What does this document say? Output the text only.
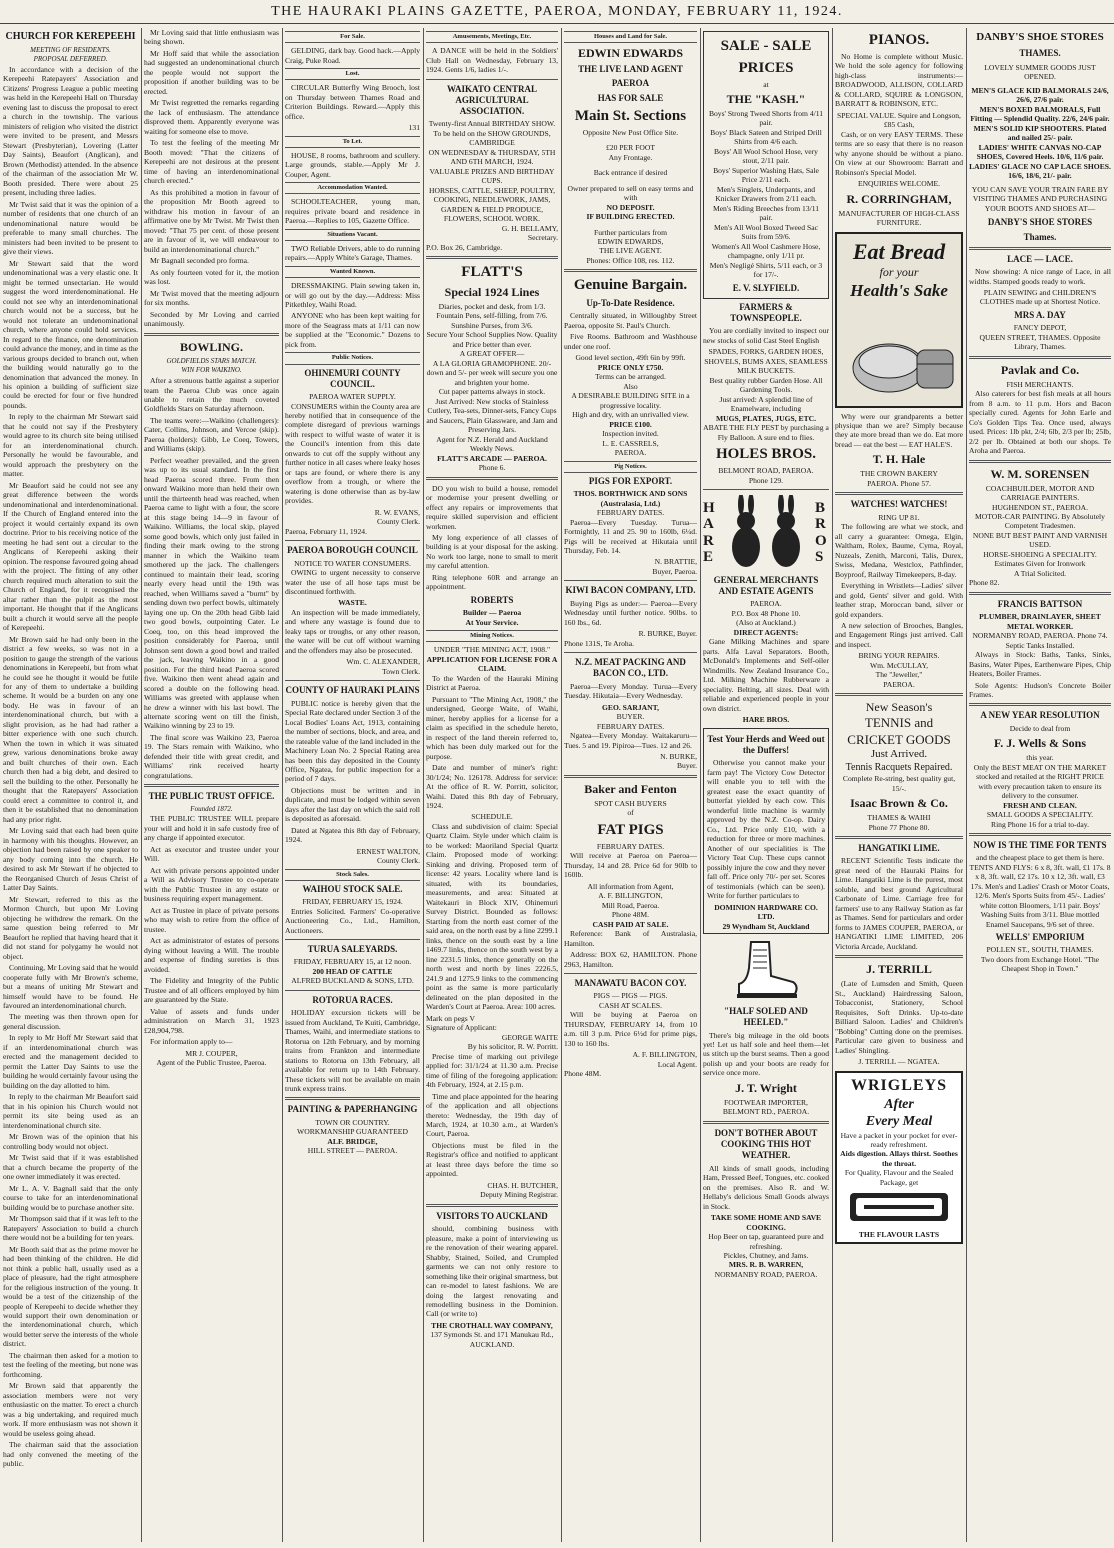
THE HAURAKI PLAINS GAZETTE, PAEROA, MONDAY, FEBRUARY 11, 1924.
CHURCH FOR KEREPEEHI
MEETING OF RESIDENTS.
PROPOSAL DEFERRED.

In accordance with a decision of the Kerepeehi Ratepayers' Association and Citizens' Progress League a public meeting was held in the Kerepeehi Hall on Thursday evening last to discuss the proposal to erect a church in the township. The various ministers of religion who visited the district were invited to be present, and Messrs Stewart (Presbyterian), Lovering (Latter Day Saints), Beaufort (Anglican), and Brown (Methodist) attended. In the absence of the chairman of the association Mr W. Booth presided. There were about 25 present, including three ladies.

Mr Twist said that it was the opinion of a number of residents that one church of an undenominational nature would be preferable to many small churches. The ministers had been invited to be present to give their views.

Mr Stewart said that the word undenominational was a very elastic one. It might be termed unsectarian. He would suggest the word interdenominational. He could not see why an interdenominational church would not be a success, but he would not tolerate an undenominational church, where anyone could hold services. In regard to the finance, one denomination could advance the money, and in time as the various groups decided to branch out, when the building would naturally go to the denomination that advanced the money. In his opinion a building of sufficient size could be erected for four or five hundred pounds.

In reply to the chairman Mr Stewart said that he could not say if the Presbytery would agree to its church site being utilised for an interdenominational church. Personally he would be favourable, and would approach the presbytery on the matter.

Mr Beaufort said he could not see any great difference between the words undenominational and interdenominational. If the Church of England entered into the project it would certainly expand its own doctrine. Prior to his receiving notice of the meeting he had sent out a circular to the Anglicans of Kerepeehi asking their opinion. The response favoured going ahead with the project. The fitting of any other church required much alteration to suit the Church of England, for it recognised the altar rather than the pulpit as the most important. He thought that if the Anglicans built a church it would serve all the people of Kerepeehi.

Mr Brown said he had only been in the district a few weeks, so was not in a position to gauge the strength of the various denominations in Kerepeehi, but from what he could see he thought it would be futile for any of them to undertake a building scheme. It would be a burden on any one body. He was in favour of an interdenominational church, but with a slight provision, as he had had rather a bitter experience with one such church. When the town in which it was situated grew, various denominations broke away and built churches of their own. Each church then had a big debt, and desired to sell the building to the other. Personally he thought that the Ratepayers' Association could erect a committee to control it, and then it be established that no denomination had any prior right.

Mr Loving said that each had been quite in harmony with his thoughts. However, an objection had been raised by one speaker to any body coming into the church. He desired to ask Mr Stewart if he objected to the Reorganised Church of Jesus Christ of Latter Day Saints.

Mr Stewart, referred to this as the Mormon Church, but upon Mr Loving objecting he withdrew the remark. On the same question being referred to Mr Beaufort he replied that having heard that it did not stand for polygamy he would not object.

Continuing, Mr Loving said that he would cooperate fully with Mr Brown's scheme, but a means of uniting Mr Stewart and himself would have to be found. He favoured an interdenominational church.

The meeting was then thrown open for general discussion.

In reply to Mr Hoff Mr Stewart said that if an interdenominational church was erected and the management decided to permit the Latter Day Saints to use the building he would certainly favour using the building on the day allotted to him.

In reply to the chairman Mr Beaufort said that in his opinion his Church would not permit its site being used as an interdenominational church site.

Mr Brown was of the opinion that his controlling body would not object.

Mr Twist said that if it was established that a church became the property of the one owner immediately it was erected.

Mr L. A. V. Bagnall said that the only course to take for an interdenominational building would be to purchase another site.

Mr Thompson said that if it was left to the Ratepayers' Association to build a church there would not be a building for ten years.

Mr Booth said that as the prime mover he had been thinking of the children. He did not think a public hall, usually used as a place of pleasure, had the right atmosphere for the religious instruction of the young. It would be a test of the citizenship of the people of Kerepeehi to decide whether they would support their own denomination or the interdenominational church, which would better serve the interests of the whole district.

The chairman then asked for a motion to test the feeling of the meeting, but none was forthcoming.

Mr Brown said that apparently the association members were not very enthusiastic on the matter. To erect a church was a big undertaking, and required much work. If more enthusiasm was not shown it would be useless going ahead.

The chairman said that the association had only convened the meeting of the public.

Mr Loving said that little enthusiasm was being shown.

Mr Hoff said that while the association had suggested an undenominational church the people would not support the proposition if another building was to be erected.

Mr Twist regretted the remarks regarding the lack of enthusiasm. The attendance disproved them. Apparently everyone was waiting for someone else to move.

To test the feeling of the meeting Mr Booth moved: "That the citizens of Kerepeehi are not desirous at the present time of having an interdenominational church erected."

As this prohibited a motion in favour of the proposition Mr Booth agreed to withdraw his motion in favour of an affirmative one by Mr Twist. Mr Twist then moved: "That 75 per cent. of those present are in favour of it, we will endeavour to build an interdenominational church."

Mr Bagnall seconded pro forma.

As only fourteen voted for it, the motion was lost.

Mr Twist moved that the meeting adjourn for six months.

Seconded by Mr Loving and carried unanimously.

BOWLING.
GOLDFIELDS STARS MATCH.
WIN FOR WAIKINO.

After a strenuous battle against a superior team the Paeroa Club was once again unable to retain the much coveted Goldfields Stars on Saturday afternoon.

The teams were:—Waikino (challengers): Cater, Collins, Johnson, and Vercoe (skip). Paeroa (holders): Gibb, Le Coeq, Towers, and Williams (skip).

Perfect weather prevailed, and the green was up to its usual standard. In the first head Paeroa scored three. From then onward Waikino more than held their own until the thirteenth head was reached, when Paeroa came to light with a four, the score at this stage being 14—9 in favour of Waikino. Williams, the local skip, played some good bowls, which only just failed in finding their mark owing to the strong manner in which the Waikino team smothered up the jack. The challengers continued to maintain their lead, scoring nearly every head until the 19th was reached, when Williams saved a "burnt" by sending down two perfect bowls, ultimately laying one up. On the 20th head Gibb laid two good bowls, outpointing Cater. Le Coeq, too, on this head improved the position considerably for Paeroa, until Johnson sent down a good bowl and trailed the jack, leaving Waikino in a good position. For the third head Paeroa scored five. Waikino then went ahead again and scored a double on the following head. Williams was greeted with applause when he drew a winner with his last bowl. The alternate scoring went on till the finish, Waikino winning by 23 to 19.

The final score was Waikino 23, Paeroa 19. The Stars remain with Waikino, who defended their title with great credit, and Williams' rink received hearty congratulations.

THE PUBLIC TRUST OFFICE.
Founded 1872.

THE PUBLIC TRUSTEE WILL prepare your will and hold it in safe custody free of any charge if appointed executor.

Act as executor and trustee under your Will.

Act with private persons appointed under a Will as Advisory Trustee to co-operate with the Public Trustee in any estate or business requiring expert management.

Act as Trustee in place of private persons who may wish to retire from the office of trustee.

Act as administrator of estates of persons dying without leaving a Will. The trouble and expense of finding sureties is thus avoided.

The Fidelity and Integrity of the Public Trustee and of all officers employed by him are guaranteed by the State.

Value of assets and funds under administration on March 31, 1923 £28,904,798.

For information apply to—

MR J. COUPER,
Agent of the Public Trustee, Paeroa.
For Sale.

GELDING, dark bay. Good hack.—Apply Craig, Puke Road.

Lost.

CIRCULAR Butterfly Wing Brooch, lost on Thursday between Thames Road and Criterion Buildings. Reward.—Apply this office.

131
To Let.

HOUSE, 8 rooms, bathroom and scullery. Large grounds, stable.—Apply Mr J. Couper, Agent.

Accommodation Wanted.

SCHOOLTEACHER, young man, requires private board and residence in Paeroa.—Replies to 105, Gazette Office.

Situations Vacant.

TWO Reliable Drivers, able to do running repairs.—Apply White's Garage, Thames.

Wanted Known.

DRESSMAKING. Plain sewing taken in, or will go out by the day.—Address: Miss Pitkethley, Waihi Road.

ANYONE who has been kept waiting for more of the Seagrass mats at 1/11 can now be supplied at the "Economic." Dozens to pick from.

Public Notices.
OHINEMURI COUNTY COUNCIL.
PAEROA WATER SUPPLY.

CONSUMERS within the County area are hereby notified that in consequence of the complete disregard of previous warnings with respect to wilful waste of water it is the Council's intention from this date onwards to cut off the supply without any further notice in all cases where leaky hoses or taps are found, or where there is any overflow from a trough, or where the watering is done otherwise than as by-law provides.

R. W. EVANS,
County Clerk.
Paeroa, February 11, 1924.
PAEROA BOROUGH COUNCIL
NOTICE TO WATER CONSUMERS.

OWING to urgent necessity to conserve water the use of all hose taps must be discontinued forthwith.

WASTE.

An inspection will be made immediately, and where any wastage is found due to leaky taps or troughs, or any other reason, the water will be cut off without warning and the offenders may also be prosecuted.

Wm. C. ALEXANDER,
Town Clerk.
COUNTY OF HAURAKI PLAINS

PUBLIC notice is hereby given that the Special Rate declared under Section 3 of the Local Bodies' Loans Act, 1913, containing the number of sections, block, and area, and the rateable value of the land included in the Machinery Loan No. 2 Special Rating area has been this day deposited in the County Office, Ngatea, for public inspection for a period of 7 days.

Objections must be written and in duplicate, and must be lodged within seven days after the last day on which the said roll is deposited as aforesaid.

Dated at Ngatea this 8th day of February, 1924.

ERNEST WALTON,
County Clerk.
Stock Sales.
WAIHOU STOCK SALE.
FRIDAY, FEBRUARY 15, 1924.

Entries Solicited. Farmers' Co-operative Auctioneering Co., Ltd., Hamilton, Auctioneers.

TURUA SALEYARDS.
FRIDAY, FEBRUARY 15, at 12 noon.
200 HEAD OF CATTLE
ALFRED BUCKLAND & SONS, LTD.
ROTORUA RACES.

HOLIDAY excursion tickets will be issued from Auckland, Te Kuiti, Cambridge, Thames, Waihi, and intermediate stations to Rotorua on 12th February, and by morning trains from Frankton and intermediate stations to Rotorua on 13th February, all available for return up to 14th February. These tickets will not be available on main trunk express trains.

PAINTING & PAPERHANGING
TOWN OR COUNTRY.
WORKMANSHIP GUARANTEED
ALF. BRIDGE,
HILL STREET — PAEROA.
Amusements, Meetings, Etc.

A DANCE will be held in the Soldiers' Club Hall on Wednesday, February 13, 1924. Gents 1/6, ladies 1/-.

WAIKATO CENTRAL AGRICULTURAL ASSOCIATION.
Twenty-first Annual BIRTHDAY SHOW.
To be held on the SHOW GROUNDS, CAMBRIDGE
ON WEDNESDAY & THURSDAY, 5TH AND 6TH MARCH, 1924.
VALUABLE PRIZES AND BIRTHDAY CUPS.
HORSES, CATTLE, SHEEP, POULTRY, COOKING, NEEDLEWORK, JAMS, GARDEN & FIELD PRODUCE, FLOWERS, SCHOOL WORK.
G. H. BELLAMY,
Secretary.
P.O. Box 26, Cambridge.
FLATT'S
Special 1924 Lines
Diaries, pocket and desk, from 1/3.
Fountain Pens, self-filling, from 7/6.
Sunshine Purses, from 3/6.
Secure Your School Supplies Now. Quality and Price better than ever.
A GREAT OFFER—
A LA GLORIA GRAMOPHONE. 20/- down and 5/- per week will secure you one and brighten your home.
Cut paper patterns always in stock.
Just Arrived: New stocks of Stainless Cutlery, Tea-sets, Dinner-sets, Fancy Cups and Saucers, Plain Glassware, and Jam and Preserving Jars.
Agent for N.Z. Herald and Auckland Weekly News.
FLATT'S ARCADE — PAEROA.
Phone 6.

DO you wish to build a house, remodel or modernise your present dwelling or effect any repairs or improvements that require skilled supervision and efficient workmen.

My long experience of all classes of building is at your disposal for the asking. No work too large, none to small to merit my careful attention.

Ring telephone 60R and arrange an appointment.

ROBERTS
Builder — Paeroa
At Your Service.
Mining Notices.
UNDER "THE MINING ACT, 1908."
APPLICATION FOR LICENSE FOR A CLAIM.

To the Warden of the Hauraki Mining District at Paeroa.

Pursuant to "The Mining Act, 1908," the undersigned, George Waite, of Waihi, miner, hereby applies for a license for a claim as specified in the schedule hereto, in respect of the land therein referred to, which has been duly marked out for the purpose.

Date and number of miner's right: 30/1/24; No. 126178. Address for service: At the office of R. W. Porritt, solicitor, Waihi. Dated this 8th day of February, 1924.

SCHEDULE.

Class and subdivision of claim: Special Quartz Claim. Style under which claim is to be worked: Maoriland Special Quartz Claim. Proposed mode of working: Sinking and driving. Proposed term of license: 42 years. Locality where land is situated, with its boundaries, measurements, and area: Situated at Waitekauri in Block XIV, Ohinemuri Survey District. Bounded as follows: Starting from the north east corner of the said area, on the north east by a line 2299.1 links, thence on the south east by a line 1469.7 links, thence on the south west by a line 2231.5 links, thence generally on the north west and north by lines 2226.5, 241.9 and 1275.9 links to the commencing point as the same is more particularly delineated on the plan deposited in the Warden's Court at Paeroa. Area: 100 acres.

Mark on pegs V
Signature of Applicant:
GEORGE WAITE
By his solicitor, R. W. Porritt.

Precise time of marking out privilege applied for: 31/1/24 at 11.30 a.m. Precise time of filing of the foregoing application: 4th February, 1924, at 2.15 p.m.

Time and place appointed for the hearing of the application and all objections thereto: Wednesday, the 19th day of March, 1924, at 10.30 a.m., at Warden's Court, Paeroa.

Objections must be filed in the Registrar's office and notified to applicant at least three days before the time so appointed.

CHAS. H. BUTCHER,
Deputy Mining Registrar.
VISITORS TO AUCKLAND

should, combining business with pleasure, make a point of interviewing us re the renovation of their wearing apparel. Shabby, Stained, Soiled, and Crumpled garments we can not only restore to something like their original smartness, but can re-model to latest fashions. We are doing the largest renovating and remodelling business in the Dominion. Call (or write to)

THE CROTHALL WAY COMPANY,
137 Symonds St. and 171 Manukau Rd., AUCKLAND.
Houses and Land for Sale.
EDWIN EDWARDS
THE LIVE LAND AGENT
PAEROA
HAS FOR SALE
Main St. Sections
Opposite New Post Office Site.
£20 PER FOOT
Any Frontage.
Back entrance if desired
Owner prepared to sell on easy terms and with
NO DEPOSIT.
IF BUILDING ERECTED.
Further particulars from
EDWIN EDWARDS,
THE LIVE AGENT.
Phones: Office 108, res. 112.
Genuine Bargain.
Up-To-Date Residence.

Centrally situated, in Willoughby Street Paeroa, opposite St. Paul's Church.

Five Rooms. Bathroom and Washhouse under one roof.

Good level section, 49ft 6in by 99ft.
PRICE ONLY £750.
Terms can be arranged.
Also
A DESIRABLE BUILDING SITE in a progressive locality.
High and dry, with an unrivalled view.
PRICE £100.
Inspection invited.
L. E. CASSRELS,
PAEROA.
Pig Notices.
PIGS FOR EXPORT.
THOS. BORTHWICK AND SONS (Australasia, Ltd.)
FEBRUARY DATES.

Paeroa—Every Tuesday. Turua—Fortnightly, 11 and 25. 90 to 160lb, 6¼d. Pigs will be received at Hikutaia until Thursday, Feb. 14.

N. BRATTIE,
Buyer, Paeroa.
KIWI BACON COMPANY, LTD.

Buying Pigs as under:— Paeroa—Every Wednesday until further notice. 90lbs. to 160 lbs., 6d.

R. BURKE, Buyer.
Phone 131S, Te Aroha.
N.Z. MEAT PACKING AND BACON CO., LTD.

Paeroa—Every Monday. Turua—Every Tuesday. Hikutaia—Every Wednesday.

GEO. SARJANT,
BUYER.
FEBRUARY DATES.

Ngatea—Every Monday. Waitakaruru—Tues. 5 and 19. Pipiroa—Tues. 12 and 26.

N. BURKE,
Buyer.
Baker and Fenton
SPOT CASH BUYERS
of
FAT PIGS
FEBRUARY DATES.

Will receive at Paeroa on Paeroa—Thursday, 14 and 28. Price 6d for 90lb to 160lb.

All information from Agent,
A. F. BILLINGTON,
Mill Road, Paeroa.
Phone 48M.
CASH PAID AT SALE.

Reference: Bank of Australasia, Hamilton.

Address: BOX 62, HAMILTON. Phone 2963, Hamilton.

MANAWATU BACON COY.
PIGS — PIGS — PIGS.
CASH AT SCALES.

Will be buying at Paeroa on THURSDAY, FEBRUARY 14, from 10 a.m. till 3 p.m. Price 6½d for prime pigs, 130 to 160 lbs.

A. F. BILLINGTON,
Local Agent.
Phone 48M.
SALE - SALE
PRICES
at
THE "KASH."
Boys' Strong Tweed Shorts from 4/11 pair.
Boys' Black Sateen and Striped Drill Shirts from 4/6 each.
Boys' All Wool School Hose, very stout, 2/11 pair.
Boys' Superior Washing Hats, Sale Price 2/11 each.
Men's Singlets, Underpants, and Knicker Drawers from 2/11 each.
Men's Riding Breeches from 13/11 pair.
Men's All Wool Boxed Tweed Sac Suits from 59/6.
Women's All Wool Cashmere Hose, champagne, only 1/11 pr.
Men's Negligé Shirts, 5/11 each, or 3 for 17/-.
E. V. SLYFIELD.
FARMERS & TOWNSPEOPLE.

You are cordially invited to inspect our new stocks of solid Cast Steel English

SPADES, FORKS, GARDEN HOES, SHOVELS, BUMS AXES, SEAMLESS MILK BUCKETS.
Best quality rubber Garden Hose. All Gardening Tools.
Just arrived: A splendid line of Enamelware, including
MUGS, PLATES, JUGS, ETC.
ABATE THE FLY PEST by purchasing a Fly Balloon. A sure end to flies.
HOLES BROS.
BELMONT ROAD, PAEROA.
Phone 129.
HARE
BROS
GENERAL MERCHANTS AND ESTATE AGENTS
PAEROA.
P.O. Box 48 Phone 10.
(Also at Auckland.)
DIRECT AGENTS:

Gane Milking Machines and spare parts. Alfa Laval Separators. Booth, McDonald's Implements and Self-oiler Windmills. New Zealand Insurance Co., Ltd. Milking Machine Rubberware a speciality. Belting, all sizes. Deal with reliable and experienced people in your own district.

HARE BROS.
Test Your Herds and Weed out the Duffers!

Otherwise you cannot make your farm pay! The Victory Cow Detector will enable you to tell with the greatest ease the exact quantity of butterfat yielded by each cow. This wonderful little machine is warmly approved by the N.Z. Co-op. Dairy Co., Ltd. Price only £10, with a reduction for three or more machines. Another of our specialities is The Victory Teat Cup. These cups cannot possibly injure the cow and they never fall off. Price only 70/- per set. Scores of testimonials (which can be seen). Write for further particulars to

DOMINION HARDWARE CO. LTD.
29 Wyndham St, Auckland
"HALF SOLED AND HEELED."

There's big mileage in the old boots yet! Let us half sole and heel them—let us stitch up the burst seams. Then a good polish up and your boots are ready for service once more.

J. T. Wright
FOOTWEAR IMPORTER,
BELMONT RD., PAEROA.
DON'T BOTHER ABOUT COOKING THIS HOT WEATHER.

All kinds of small goods, including Ham, Pressed Beef, Tongues, etc. cooked on the premises. Also R. and W. Hellaby's delicious Small Goods always in Stock.

TAKE SOME HOME AND SAVE COOKING.
Hop Beer on tap, guaranteed pure and refreshing.
Pickles, Chutney, and Jams.
MRS. R. B. WARREN,
NORMANBY ROAD, PAEROA.
PIANOS.

No Home is complete without Music. We hold the sole agency for following high-class instruments:— BROADWOOD, ALLISON, COLLARD & COLLARD, SQUIRE & LONGSON, BARRATT & ROBINSON, ETC.

SPECIAL VALUE. Squire and Longson, £85 Cash,

Cash, or on very EASY TERMS. These terms are so easy that there is no reason why anyone should be without a piano. On view at our Showroom: Barratt and Robinson's Special Model.

ENQUIRIES WELCOME.
R. CORRINGHAM,
MANUFACTURER OF HIGH-CLASS FURNITURE.
Eat Bread
for your
Health's Sake

Why were our grandparents a better physique than we are? Simply because they ate more bread than we do. Eat more bread — eat the best — EAT HALE'S.

T. H. Hale
THE CROWN BAKERY
PAEROA. Phone 57.
WATCHES! WATCHES!
RING UP 81.

The following are what we stock, and all carry a guarantee: Omega, Elgin, Waltham, Rolex, Baume, Cyma, Royal, Nuzeals, Zenith, Marconi, Talis, Durex, Swiss, Medana, Westclox, Pathfinder, Boyproof, Railway Timekeepers, 8-day.

Everything in Wristlets—Ladies' silver and gold, Gents' silver and gold. With leather strap, Moroccan band, silver or gold expanders.

A new selection of Brooches, Bangles, and Engagement Rings just arrived. Call and inspect.

BRING YOUR REPAIRS.
Wm. McCULLAY,
The "Jeweller,"
PAEROA.
New Season's
TENNIS and
CRICKET GOODS
Just Arrived.
Tennis Racquets Repaired.
Complete Re-string, best quality gut, 15/-.
Isaac Brown & Co.
THAMES & WAIHI
Phone 77 Phone 80.
HANGATIKI LIME.

RECENT Scientific Tests indicate the great need of the Hauraki Plains for Lime. Hangatiki Lime is the purest, most soluble, and best ground Agricultural Carbonate of Lime. Carriage free for farmers' use to any Railway Station as far as Thames. Send for particulars and order forms to JAMES COUPER, PAEROA, or HANGATIKI LIME LIMITED, 206 Victoria Arcade, Auckland.

J. TERRILL

(Late of Lumsden and Smith, Queen St., Auckland) Hairdressing Saloon, Tobacconist, Stationery, School Requisites, Soft Drinks. Up-to-date Billiard Saloon. Ladies' and Children's "Bobbing" Cutting done on the premises. Particular care given to business and Ladies' Shingling.

J. TERRILL — NGATEA.
WRIGLEYS
After
Every Meal
Have a packet in your pocket for ever-ready refreshment.
Aids digestion. Allays thirst. Soothes the throat.
For Quality, Flavour and the Sealed Package, get
THE FLAVOUR LASTS
DANBY'S SHOE STORES
THAMES.
LOVELY SUMMER GOODS JUST OPENED.
MEN'S GLACE KID BALMORALS 24/6, 26/6, 27/6 pair.
MEN'S BOXED BALMORALS, Full Fitting — Splendid Quality. 22/6, 24/6 pair.
MEN'S SOLID KIP SHOOTERS. Plated and nailed 25/- pair.
LADIES' WHITE CANVAS NO-CAP SHOES, Covered Heels. 10/6, 11/6 pair.
LADIES' GLACE NO CAP LACE SHOES. 16/6, 18/6, 21/- pair.
YOU CAN SAVE YOUR TRAIN FARE BY VISITING THAMES AND PURCHASING YOUR BOOTS AND SHOES AT—
DANBY'S SHOE STORES
Thames.
LACE — LACE.

Now showing: A nice range of Lace, in all widths. Stamped goods ready to work.

PLAIN SEWING and CHILDREN'S CLOTHES made up at Shortest Notice.
MRS A. DAY
FANCY DEPOT,
QUEEN STREET, THAMES. Opposite Library, Thames.
Pavlak and Co.
FISH MERCHANTS.

Also caterers for best fish meals at all hours from 8 a.m. to 11 p.m. Hors and Bacon specially cured. Agents for John Earle and Co's Golden Tips Tea. Once used, always used. Prices: 1lb pkt, 2/4; 6lb, 2/3 per lb; 25lb, 2/2 per lb. Obtained at both our shops. Te Aroha and Paeroa.

W. M. SORENSEN
COACHBUILDER, MOTOR AND CARRIAGE PAINTERS.
HUGHENDON ST., PAEROA.
MOTOR-CAR PAINTING. By Absolutely Competent Tradesmen.
NONE BUT BEST PAINT AND VARNISH USED.
HORSE-SHOEING A SPECIALITY.
Estimates Given for Ironwork
A Trial Solicited.
Phone 82.
FRANCIS BATTSON
PLUMBER, DRAINLAYER, SHEET METAL WORKER.
NORMANBY ROAD, PAEROA. Phone 74.
Septic Tanks Installed.

Always in Stock: Baths, Tanks, Sinks, Basins, Water Pipes, Earthenware Pipes, Chip Heaters, Boiler Frames.

Sole Agents: Hudson's Concrete Boiler Frames.

A NEW YEAR RESOLUTION
Decide to deal from
F. J. Wells & Sons
this year.
Only the BEST MEAT ON THE MARKET stocked and retailed at the RIGHT PRICE with every precaution taken to ensure its delivery to the consumer.
FRESH AND CLEAN.
SMALL GOODS A SPECIALITY.
Ring Phone 16 for a trial to-day.
NOW IS THE TIME FOR TENTS
and the cheapest place to get them is here. TENTS AND FLYS: 6 x 8, 3ft. wall, £1 17s. 8 x 8, 3ft. wall, £2 17s. 10 x 12, 3ft. wall, £3 17s. Men's and Ladies' Crash or Motor Coats, 12/6. Men's Sports Suits from 45/-. Ladies' white cotton Bloomers, 1/11 pair. Boys' Washing Suits from 3/11. Blue mottled Enamel Saucepans, 9/6 set of three.
WELLS' EMPORIUM
POLLEN ST., SOUTH, THAMES.
Two doors from Exchange Hotel. "The Cheapest Shop in Town."
